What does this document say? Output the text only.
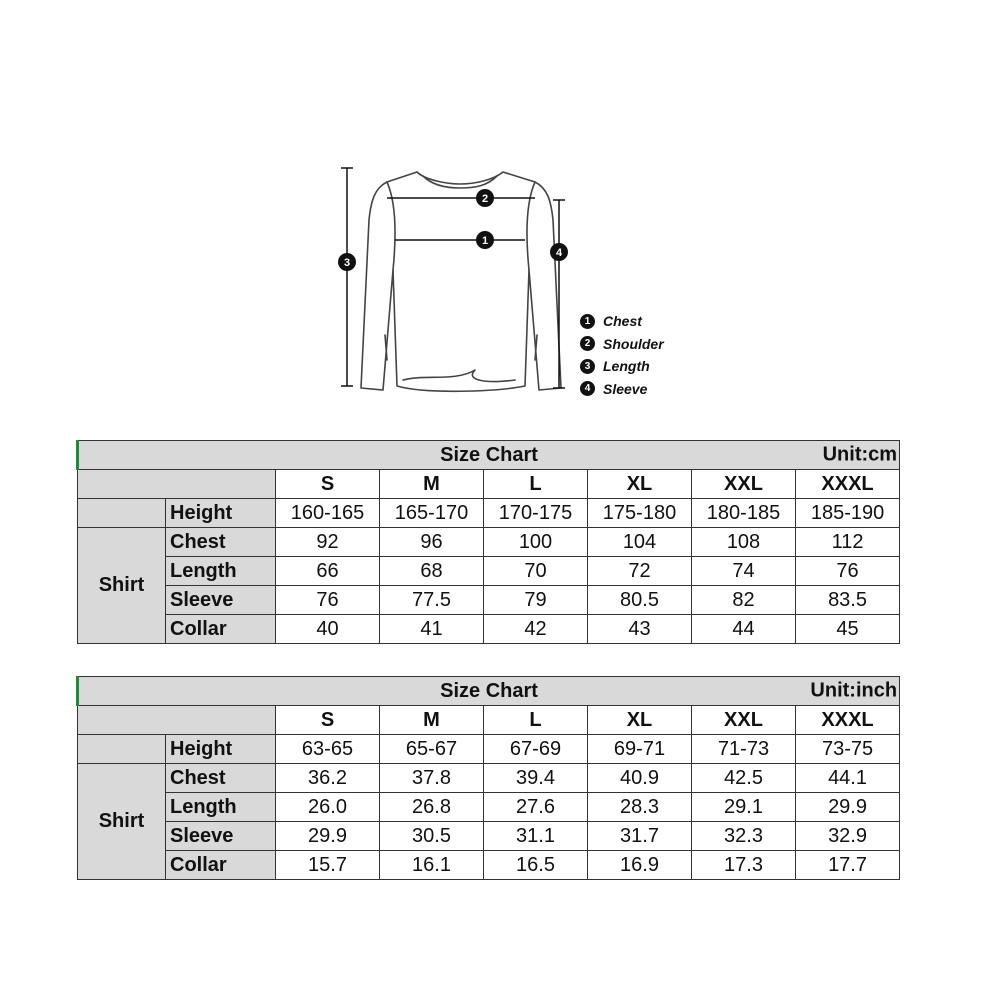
2
1
3
4
1 Chest
2 Shoulder
3 Length
4 Sleeve
Size Chart Unit:cm							

		S	M	L	XL	XXL	XXXL
	Height	160-165	165-170	170-175	175-180	180-185	185-190
Shirt	Chest	92	96	100	104	108	112
	Length	66	68	70	72	74	76
	Sleeve	76	77.5	79	80.5	82	83.5
	Collar	40	41	42	43	44	45
Size Chart Unit:inch							

		S	M	L	XL	XXL	XXXL
	Height	63-65	65-67	67-69	69-71	71-73	73-75
Shirt	Chest	36.2	37.8	39.4	40.9	42.5	44.1
	Length	26.0	26.8	27.6	28.3	29.1	29.9
	Sleeve	29.9	30.5	31.1	31.7	32.3	32.9
	Collar	15.7	16.1	16.5	16.9	17.3	17.7
